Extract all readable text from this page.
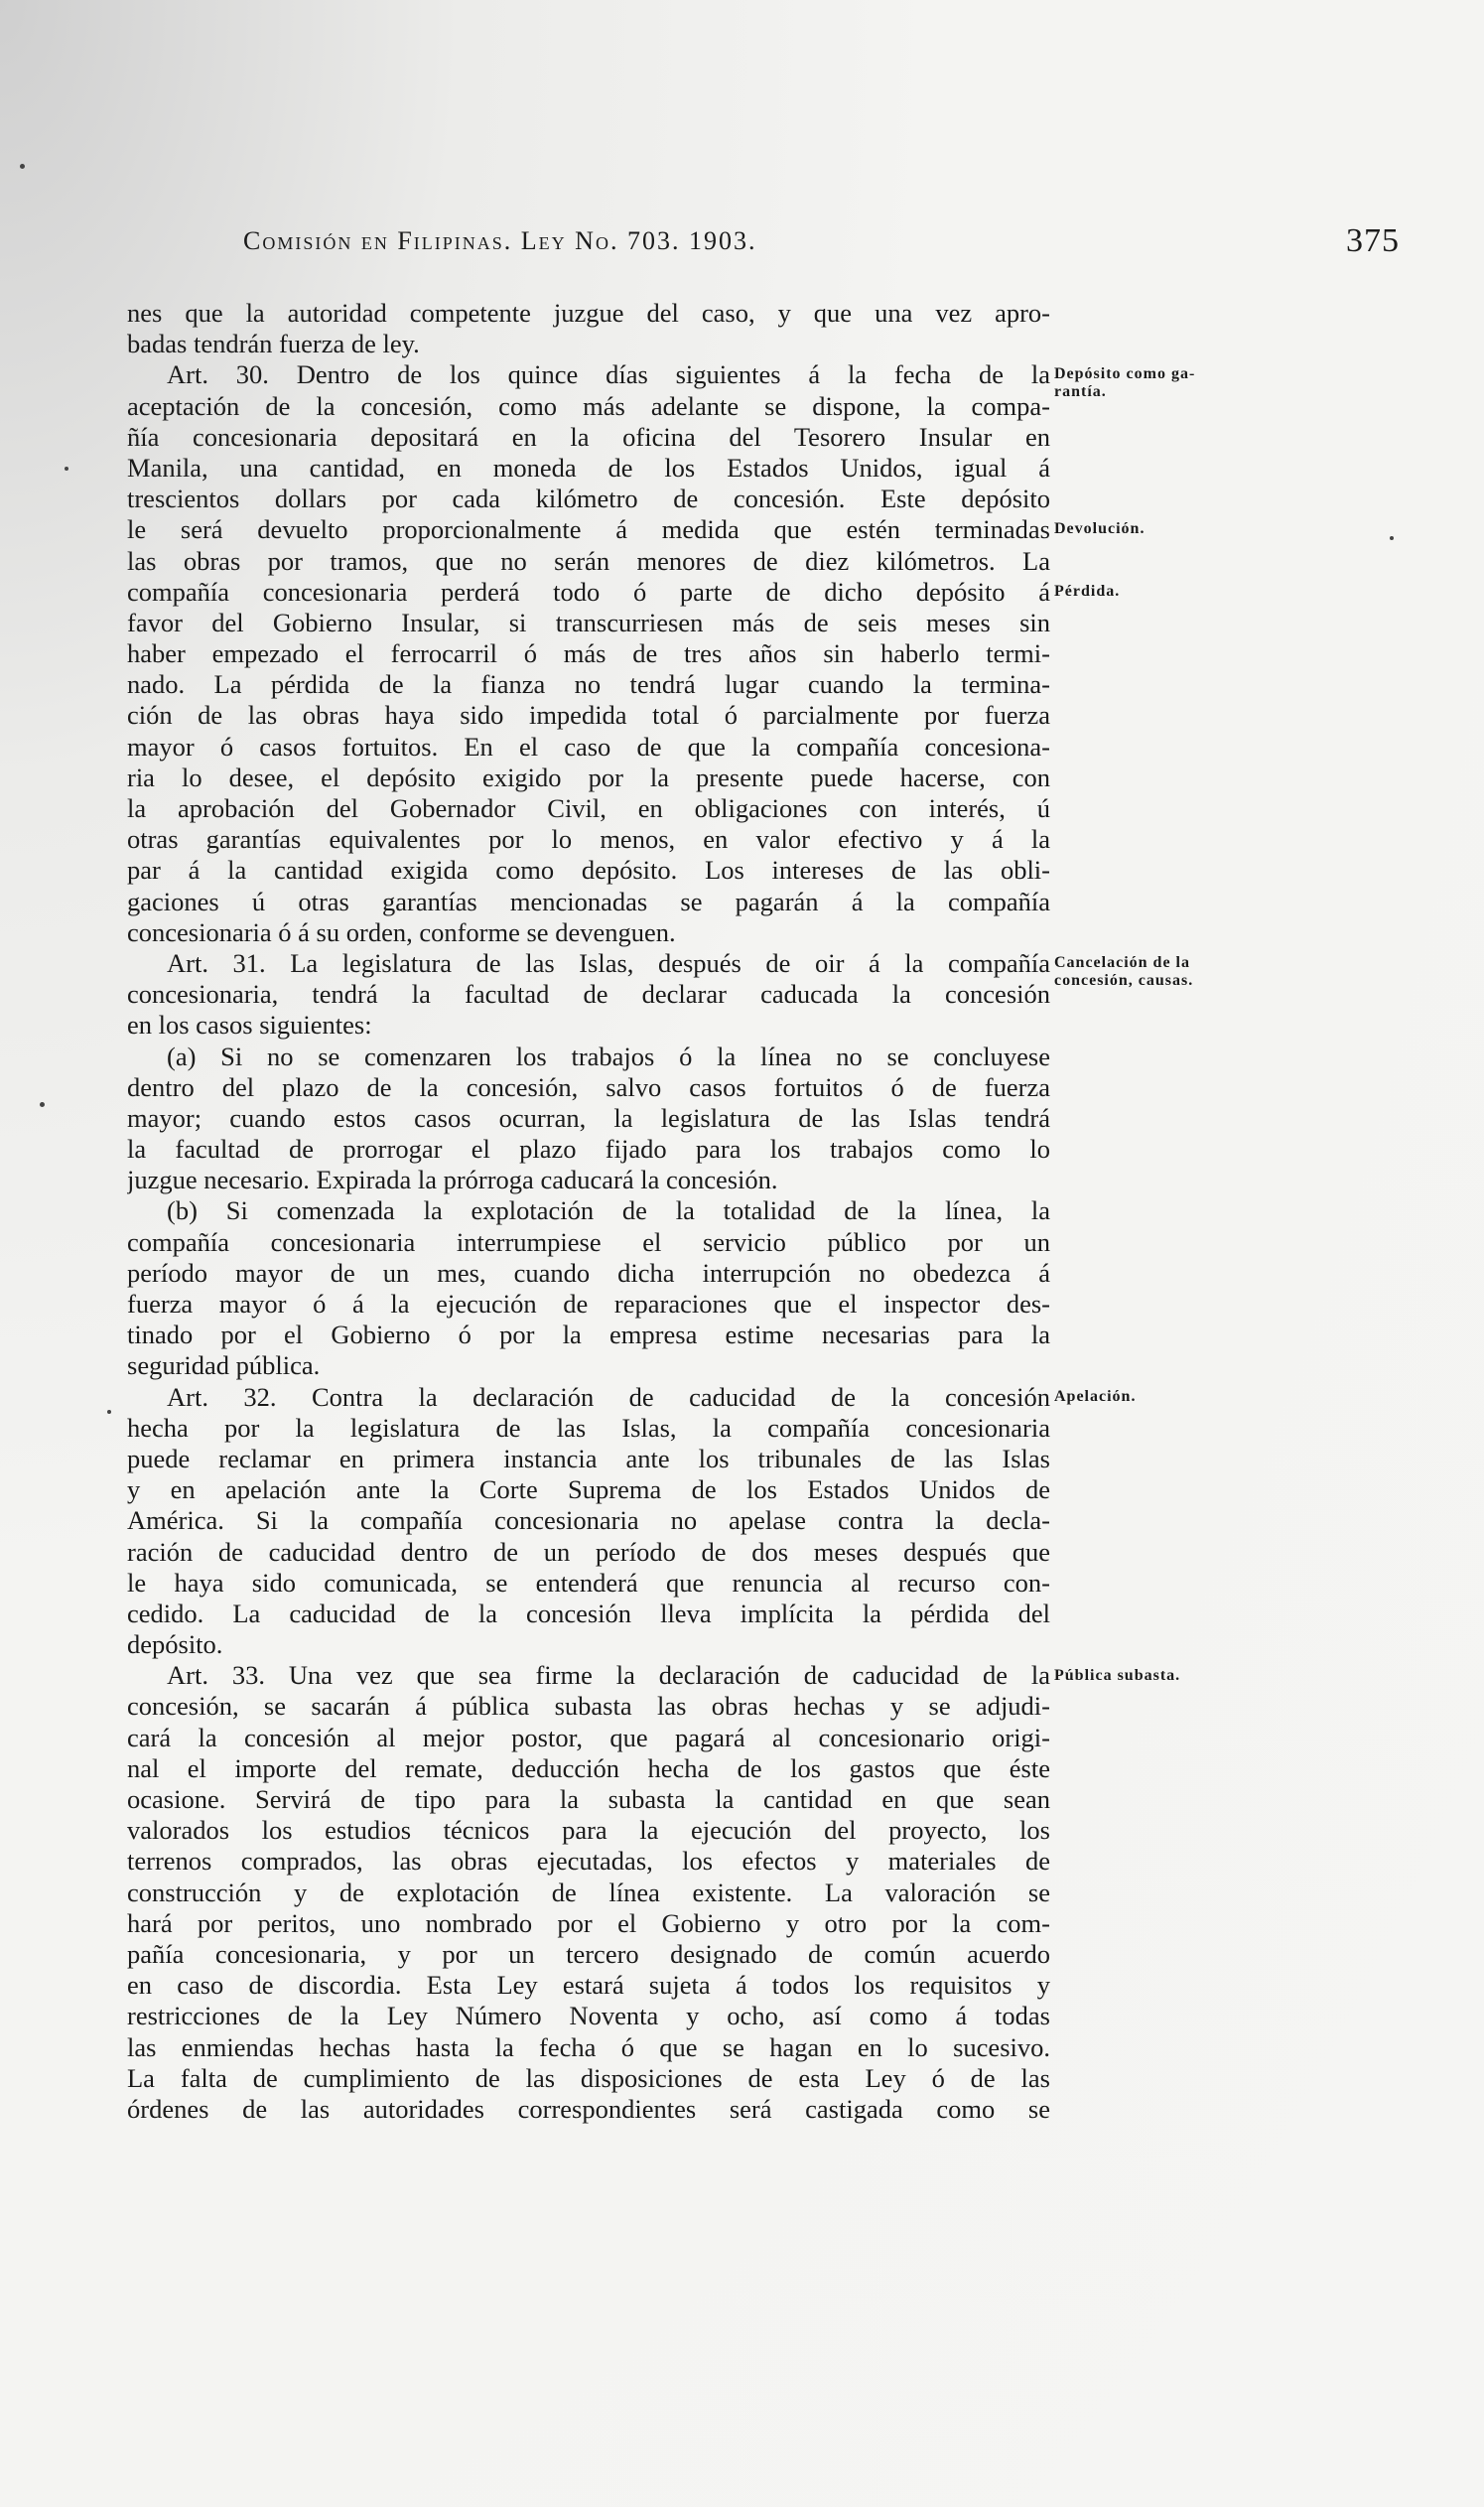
Comisión en Filipinas. Ley No. 703. 1903.	375
nes que la autoridad competente juzgue del caso, y que una vez apro-
badas tendrán fuerza de ley.
Art. 30. Dentro de los quince días siguientes á la fecha de la
aceptación de la concesión, como más adelante se dispone, la compa-
ñía concesionaria depositará en la oficina del Tesorero Insular en
Manila, una cantidad, en moneda de los Estados Unidos, igual á
trescientos dollars por cada kilómetro de concesión. Este depósito
le será devuelto proporcionalmente á medida que estén terminadas
las obras por tramos, que no serán menores de diez kilómetros. La
compañía concesionaria perderá todo ó parte de dicho depósito á
favor del Gobierno Insular, si transcurriesen más de seis meses sin
haber empezado el ferrocarril ó más de tres años sin haberlo termi-
nado. La pérdida de la fianza no tendrá lugar cuando la termina-
ción de las obras haya sido impedida total ó parcialmente por fuerza
mayor ó casos fortuitos. En el caso de que la compañía concesiona-
ria lo desee, el depósito exigido por la presente puede hacerse, con
la aprobación del Gobernador Civil, en obligaciones con interés, ú
otras garantías equivalentes por lo menos, en valor efectivo y á la
par á la cantidad exigida como depósito. Los intereses de las obli-
gaciones ú otras garantías mencionadas se pagarán á la compañía
concesionaria ó á su orden, conforme se devenguen.
Art. 31. La legislatura de las Islas, después de oir á la compañía
concesionaria, tendrá la facultad de declarar caducada la concesión
en los casos siguientes:
(a) Si no se comenzaren los trabajos ó la línea no se concluyese
dentro del plazo de la concesión, salvo casos fortuitos ó de fuerza
mayor; cuando estos casos ocurran, la legislatura de las Islas tendrá
la facultad de prorrogar el plazo fijado para los trabajos como lo
juzgue necesario. Expirada la prórroga caducará la concesión.
(b) Si comenzada la explotación de la totalidad de la línea, la
compañía concesionaria interrumpiese el servicio público por un
período mayor de un mes, cuando dicha interrupción no obedezca á
fuerza mayor ó á la ejecución de reparaciones que el inspector des-
tinado por el Gobierno ó por la empresa estime necesarias para la
seguridad pública.
Art. 32. Contra la declaración de caducidad de la concesión
hecha por la legislatura de las Islas, la compañía concesionaria
puede reclamar en primera instancia ante los tribunales de las Islas
y en apelación ante la Corte Suprema de los Estados Unidos de
América. Si la compañía concesionaria no apelase contra la decla-
ración de caducidad dentro de un período de dos meses después que
le haya sido comunicada, se entenderá que renuncia al recurso con-
cedido. La caducidad de la concesión lleva implícita la pérdida del
depósito.
Art. 33. Una vez que sea firme la declaración de caducidad de la
concesión, se sacarán á pública subasta las obras hechas y se adjudi-
cará la concesión al mejor postor, que pagará al concesionario origi-
nal el importe del remate, deducción hecha de los gastos que éste
ocasione. Servirá de tipo para la subasta la cantidad en que sean
valorados los estudios técnicos para la ejecución del proyecto, los
terrenos comprados, las obras ejecutadas, los efectos y materiales de
construcción y de explotación de línea existente. La valoración se
hará por peritos, uno nombrado por el Gobierno y otro por la com-
pañía concesionaria, y por un tercero designado de común acuerdo
en caso de discordia. Esta Ley estará sujeta á todos los requisitos y
restricciones de la Ley Número Noventa y ocho, así como á todas
las enmiendas hechas hasta la fecha ó que se hagan en lo sucesivo.
La falta de cumplimiento de las disposiciones de esta Ley ó de las
órdenes de las autoridades correspondientes será castigada como se
Depósito como ga-
rantía.
Devolución.
Pérdida.
Cancelación de la
concesión, causas.
Apelación.
Pública subasta.
